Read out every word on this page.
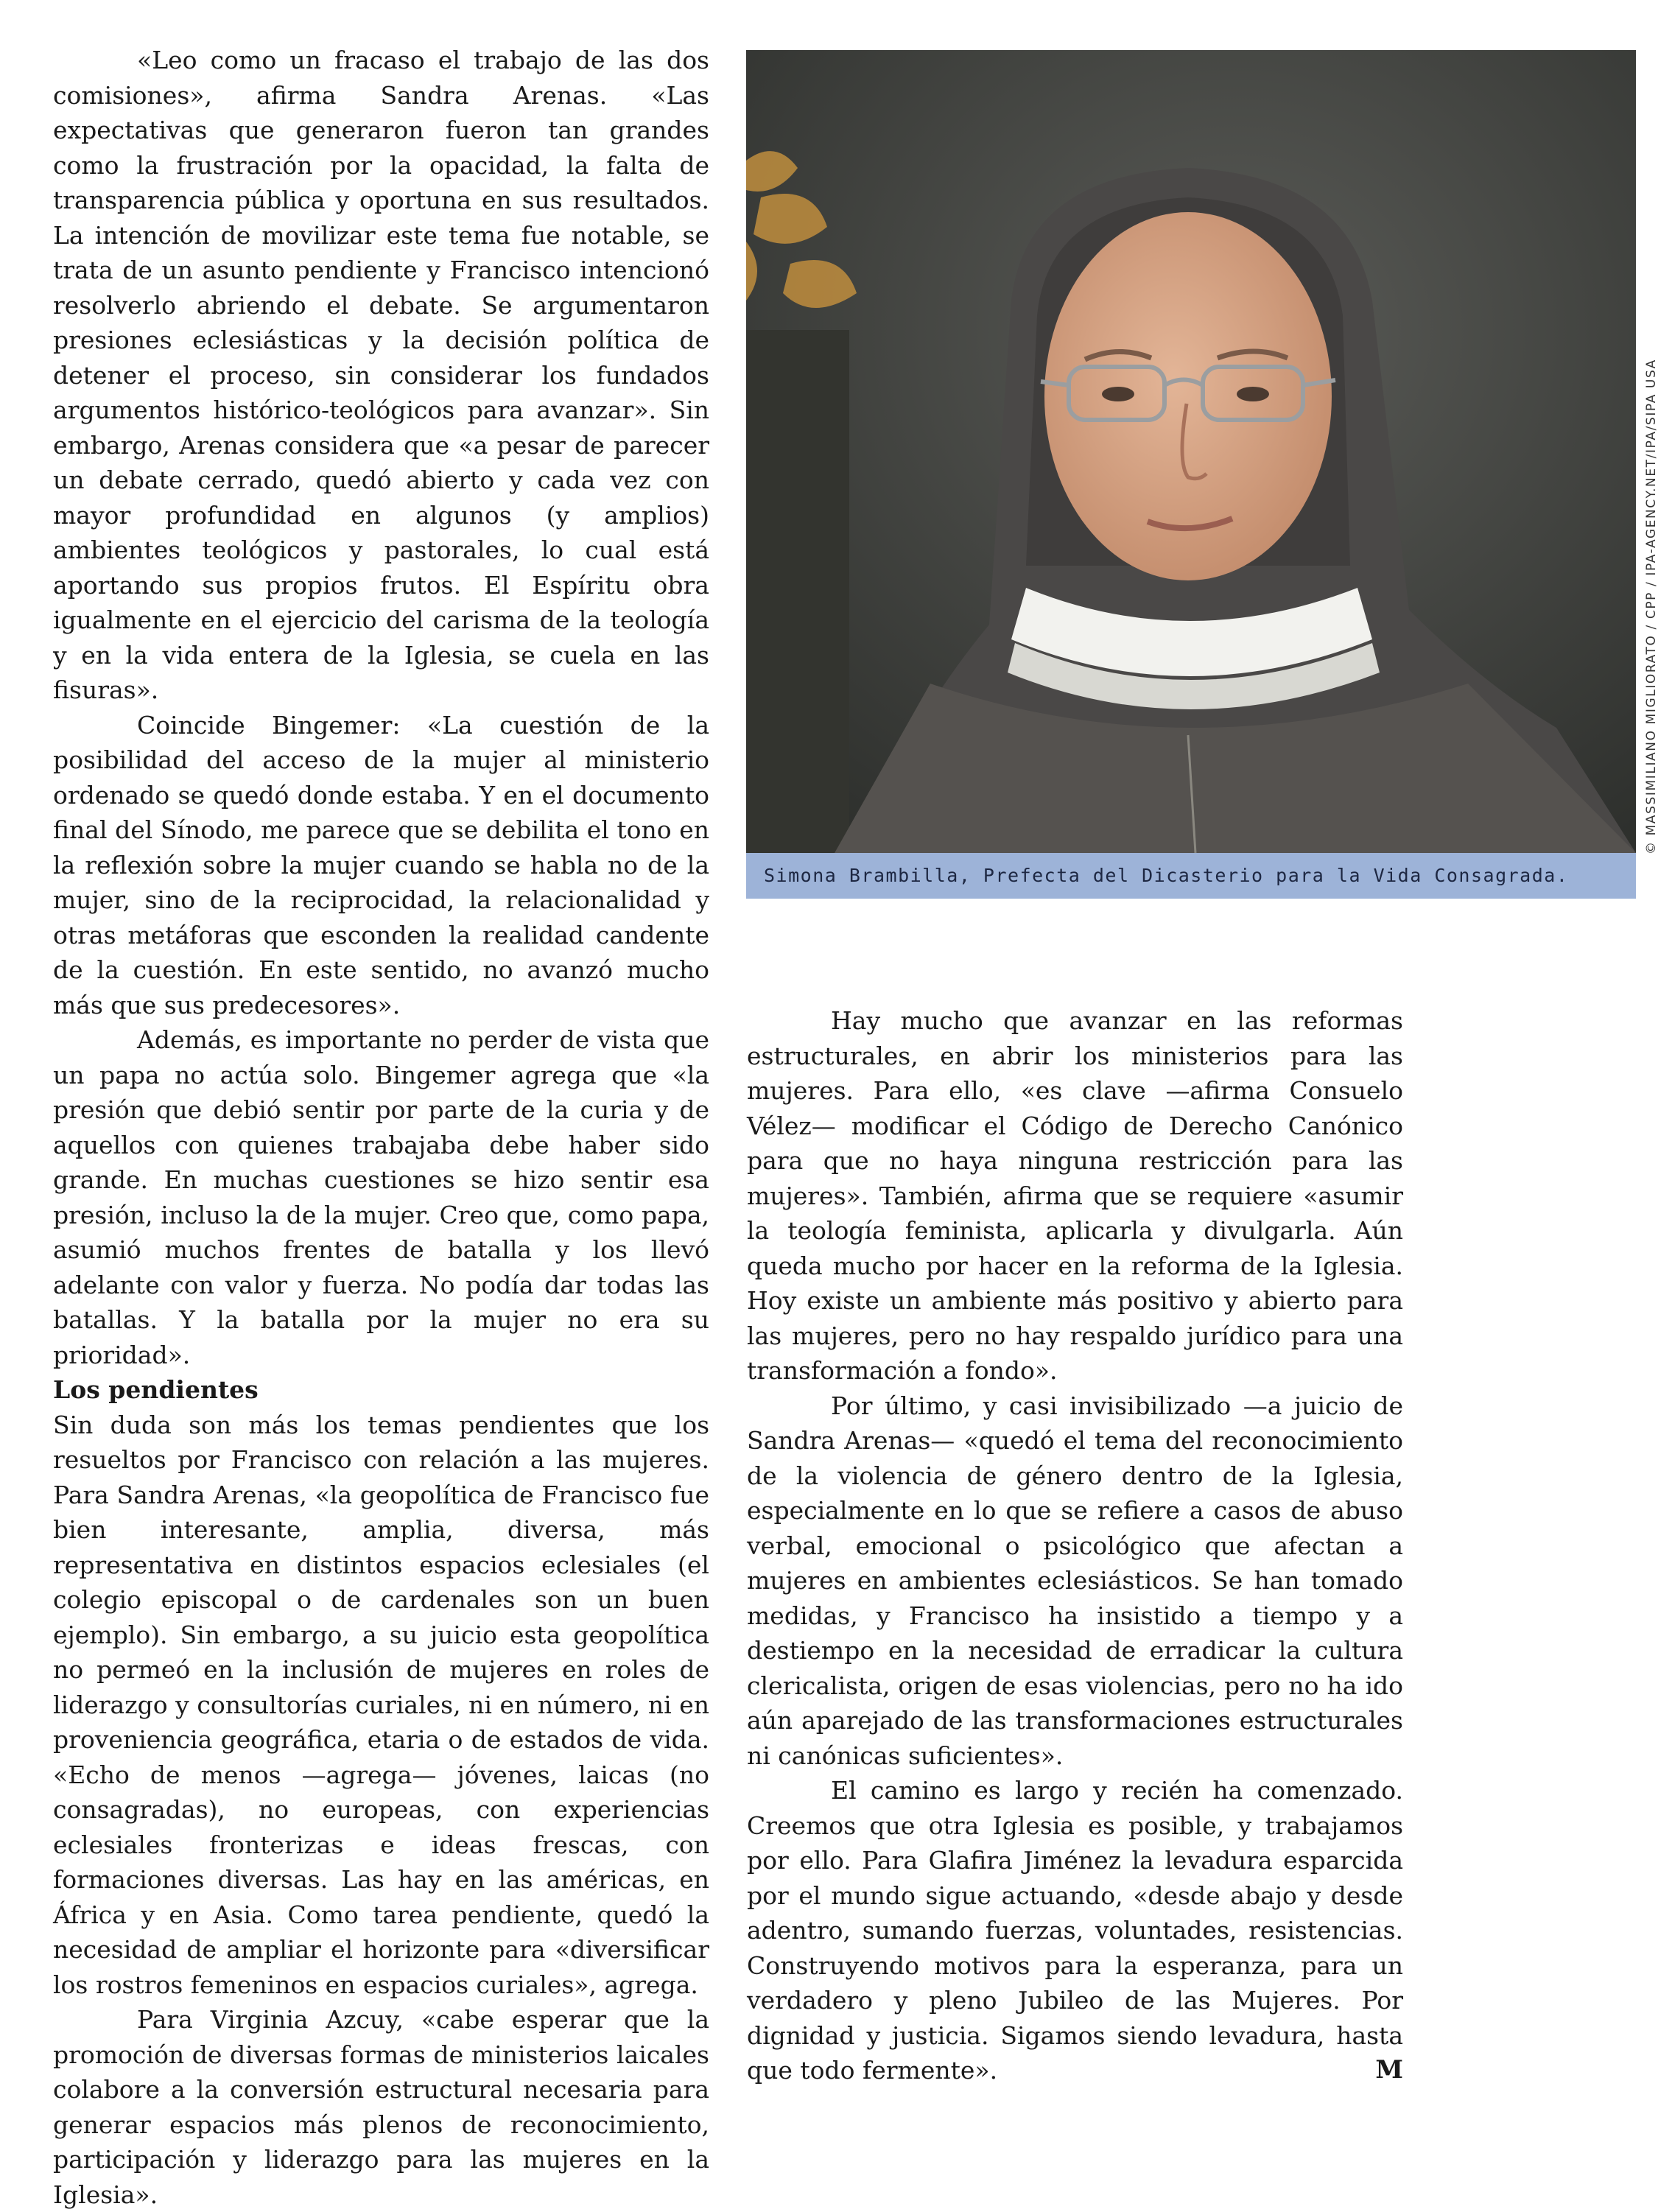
«Leo como un fracaso el trabajo de las dos comisiones», afirma Sandra Arenas. «Las expectativas que generaron fueron tan grandes como la frustración por la opacidad, la falta de transparencia pública y oportuna en sus resultados. La intención de movilizar este tema fue notable, se trata de un asunto pendiente y Francisco intencionó resolverlo abriendo el debate. Se argumentaron presiones eclesiásticas y la decisión política de detener el proceso, sin considerar los fundados argumentos histórico-teológicos para avanzar». Sin embargo, Arenas considera que «a pesar de parecer un debate cerrado, quedó abierto y cada vez con mayor profundidad en algunos (y amplios) ambientes teológicos y pastorales, lo cual está aportando sus propios frutos. El Espíritu obra igualmente en el ejercicio del carisma de la teología y en la vida entera de la Iglesia, se cuela en las fisuras».

Coincide Bingemer: «La cuestión de la posibilidad del acceso de la mujer al ministerio ordenado se quedó donde estaba. Y en el documento final del Sínodo, me parece que se debilita el tono en la reflexión sobre la mujer cuando se habla no de la mujer, sino de la reciprocidad, la relacionalidad y otras metáforas que esconden la realidad candente de la cuestión. En este sentido, no avanzó mucho más que sus predecesores».

Además, es importante no perder de vista que un papa no actúa solo. Bingemer agrega que «la presión que debió sentir por parte de la curia y de aquellos con quienes trabajaba debe haber sido grande. En muchas cuestiones se hizo sentir esa presión, incluso la de la mujer. Creo que, como papa, asumió muchos frentes de batalla y los llevó adelante con valor y fuerza. No podía dar todas las batallas. Y la batalla por la mujer no era su prioridad».

Los pendientes

Sin duda son más los temas pendientes que los resueltos por Francisco con relación a las mujeres. Para Sandra Arenas, «la geopolítica de Francisco fue bien interesante, amplia, diversa, más representativa en distintos espacios eclesiales (el colegio episcopal o de cardenales son un buen ejemplo). Sin embargo, a su juicio esta geopolítica no permeó en la inclusión de mujeres en roles de liderazgo y consultorías curiales, ni en número, ni en proveniencia geográfica, etaria o de estados de vida. «Echo de menos —agrega— jóvenes, laicas (no consagradas), no europeas, con experiencias eclesiales fronterizas e ideas frescas, con formaciones diversas. Las hay en las américas, en África y en Asia. Como tarea pendiente, quedó la necesidad de ampliar el horizonte para «diversificar los rostros femeninos en espacios curiales», agrega.

Para Virginia Azcuy, «cabe esperar que la promoción de diversas formas de ministerios laicales colabore a la conversión estructural necesaria para generar espacios más plenos de reconocimiento, participación y liderazgo para las mujeres en la Iglesia».

Hay mucho que avanzar en las reformas estructurales, en abrir los ministerios para las mujeres. Para ello, «es clave —afirma Consuelo Vélez— modificar el Código de Derecho Canónico para que no haya ninguna restricción para las mujeres». También, afirma que se requiere «asumir la teología feminista, aplicarla y divulgarla. Aún queda mucho por hacer en la reforma de la Iglesia. Hoy existe un ambiente más positivo y abierto para las mujeres, pero no hay respaldo jurídico para una transformación a fondo».

Por último, y casi invisibilizado —a juicio de Sandra Arenas— «quedó el tema del reconocimiento de la violencia de género dentro de la Iglesia, especialmente en lo que se refiere a casos de abuso verbal, emocional o psicológico que afectan a mujeres en ambientes eclesiásticos. Se han tomado medidas, y Francisco ha insistido a tiempo y a destiempo en la necesidad de erradicar la cultura clericalista, origen de esas violencias, pero no ha ido aún aparejado de las transformaciones estructurales ni canónicas suficientes».

El camino es largo y recién ha comenzado. Creemos que otra Iglesia es posible, y trabajamos por ello. Para Glafira Jiménez la levadura esparcida por el mundo sigue actuando, «desde abajo y desde adentro, sumando fuerzas, voluntades, resistencias. Construyendo motivos para la esperanza, para un verdadero y pleno Jubileo de las Mujeres. Por dignidad y justicia. Sigamos siendo levadura, hasta que todo fermente».	M

Simona Brambilla, Prefecta del Dicasterio para la Vida Consagrada.
© MASSIMILIANO MIGLIORATO / CPP / IPA-AGENCY.NET/IPA/SIPA USA
